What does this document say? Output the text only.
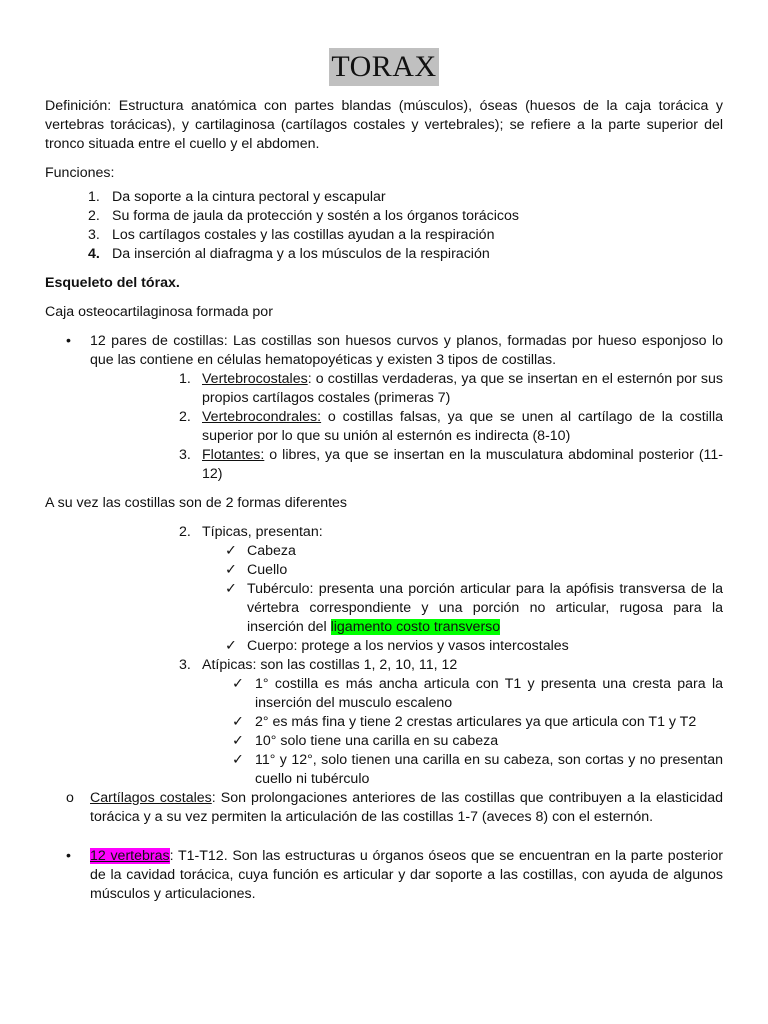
TORAX

Definición: Estructura anatómica con partes blandas (músculos), óseas (huesos de la caja torácica y vertebras torácicas), y cartilaginosa (cartílagos costales y vertebrales); se refiere a la parte superior del tronco situada entre el cuello y el abdomen.

Funciones:

1. Da soporte a la cintura pectoral y escapular
2. Su forma de jaula da protección y sostén a los órganos torácicos
3. Los cartílagos costales y las costillas ayudan a la respiración
4. Da inserción al diafragma y a los músculos de la respiración

Esqueleto del tórax.

Caja osteocartilaginosa formada por

• 12 pares de costillas: Las costillas son huesos curvos y planos, formadas por hueso esponjoso lo que las contiene en células hematopoyéticas y existen 3 tipos de costillas.
1. Vertebrocostales: o costillas verdaderas, ya que se insertan en el esternón por sus propios cartílagos costales (primeras 7)
2. Vertebrocondrales: o costillas falsas, ya que se unen al cartílago de la costilla superior por lo que su unión al esternón es indirecta (8-10)
3. Flotantes: o libres, ya que se insertan en la musculatura abdominal posterior (11-12)

A su vez las costillas son de 2 formas diferentes

2. Típicas, presentan:
✓ Cabeza
✓ Cuello
✓ Tubérculo: presenta una porción articular para la apófisis transversa de la vértebra correspondiente y una porción no articular, rugosa para la inserción del ligamento costo transverso
✓ Cuerpo: protege a los nervios y vasos intercostales
3. Atípicas: son las costillas 1, 2, 10, 11, 12
✓ 1° costilla es más ancha articula con T1 y presenta una cresta para la inserción del musculo escaleno
✓ 2° es más fina y tiene 2 crestas articulares ya que articula con T1 y T2
✓ 10° solo tiene una carilla en su cabeza
✓ 11° y 12°, solo tienen una carilla en su cabeza, son cortas y no presentan cuello ni tubérculo
o Cartílagos costales: Son prolongaciones anteriores de las costillas que contribuyen a la elasticidad torácica y a su vez permiten la articulación de las costillas 1-7 (aveces 8) con el esternón.
• 12 vertebras: T1-T12. Son las estructuras u órganos óseos que se encuentran en la parte posterior de la cavidad torácica, cuya función es articular y dar soporte a las costillas, con ayuda de algunos músculos y articulaciones.
